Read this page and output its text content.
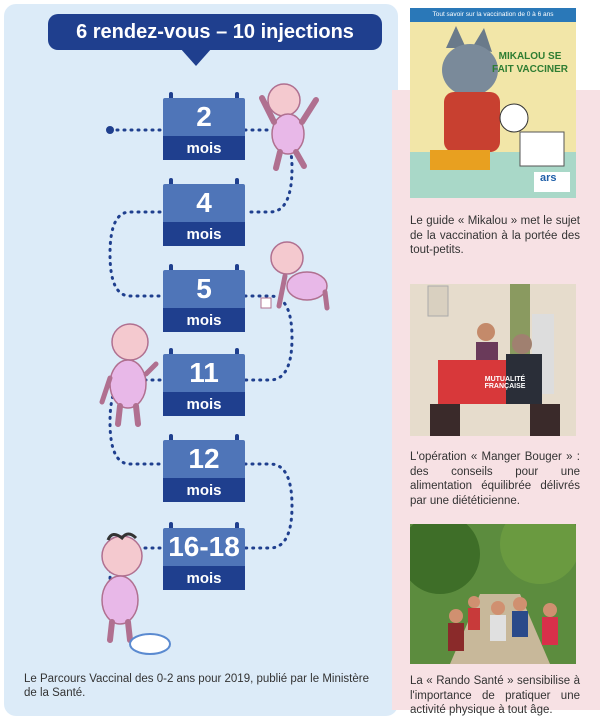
6 rendez-vous – 10 injections
2
mois
4
mois
5
mois
11
mois
12
mois
16-18
mois
Le Parcours Vaccinal des 0-2 ans pour 2019, publié par le Ministère de la Santé.
Tout savoir sur la vaccination de 0 à 6 ans
MIKALOU SE FAIT VACCINER
ars
Le guide « Mikalou » met le sujet de la vaccination à la portée des tout-petits.
MUTUALITÉ FRANÇAISE
L'opération « Manger Bouger » : des conseils pour une alimentation équilibrée délivrés par une diététicienne.
La « Rando Santé » sensibilise à l'importance de pratiquer une activité physique à tout âge.
